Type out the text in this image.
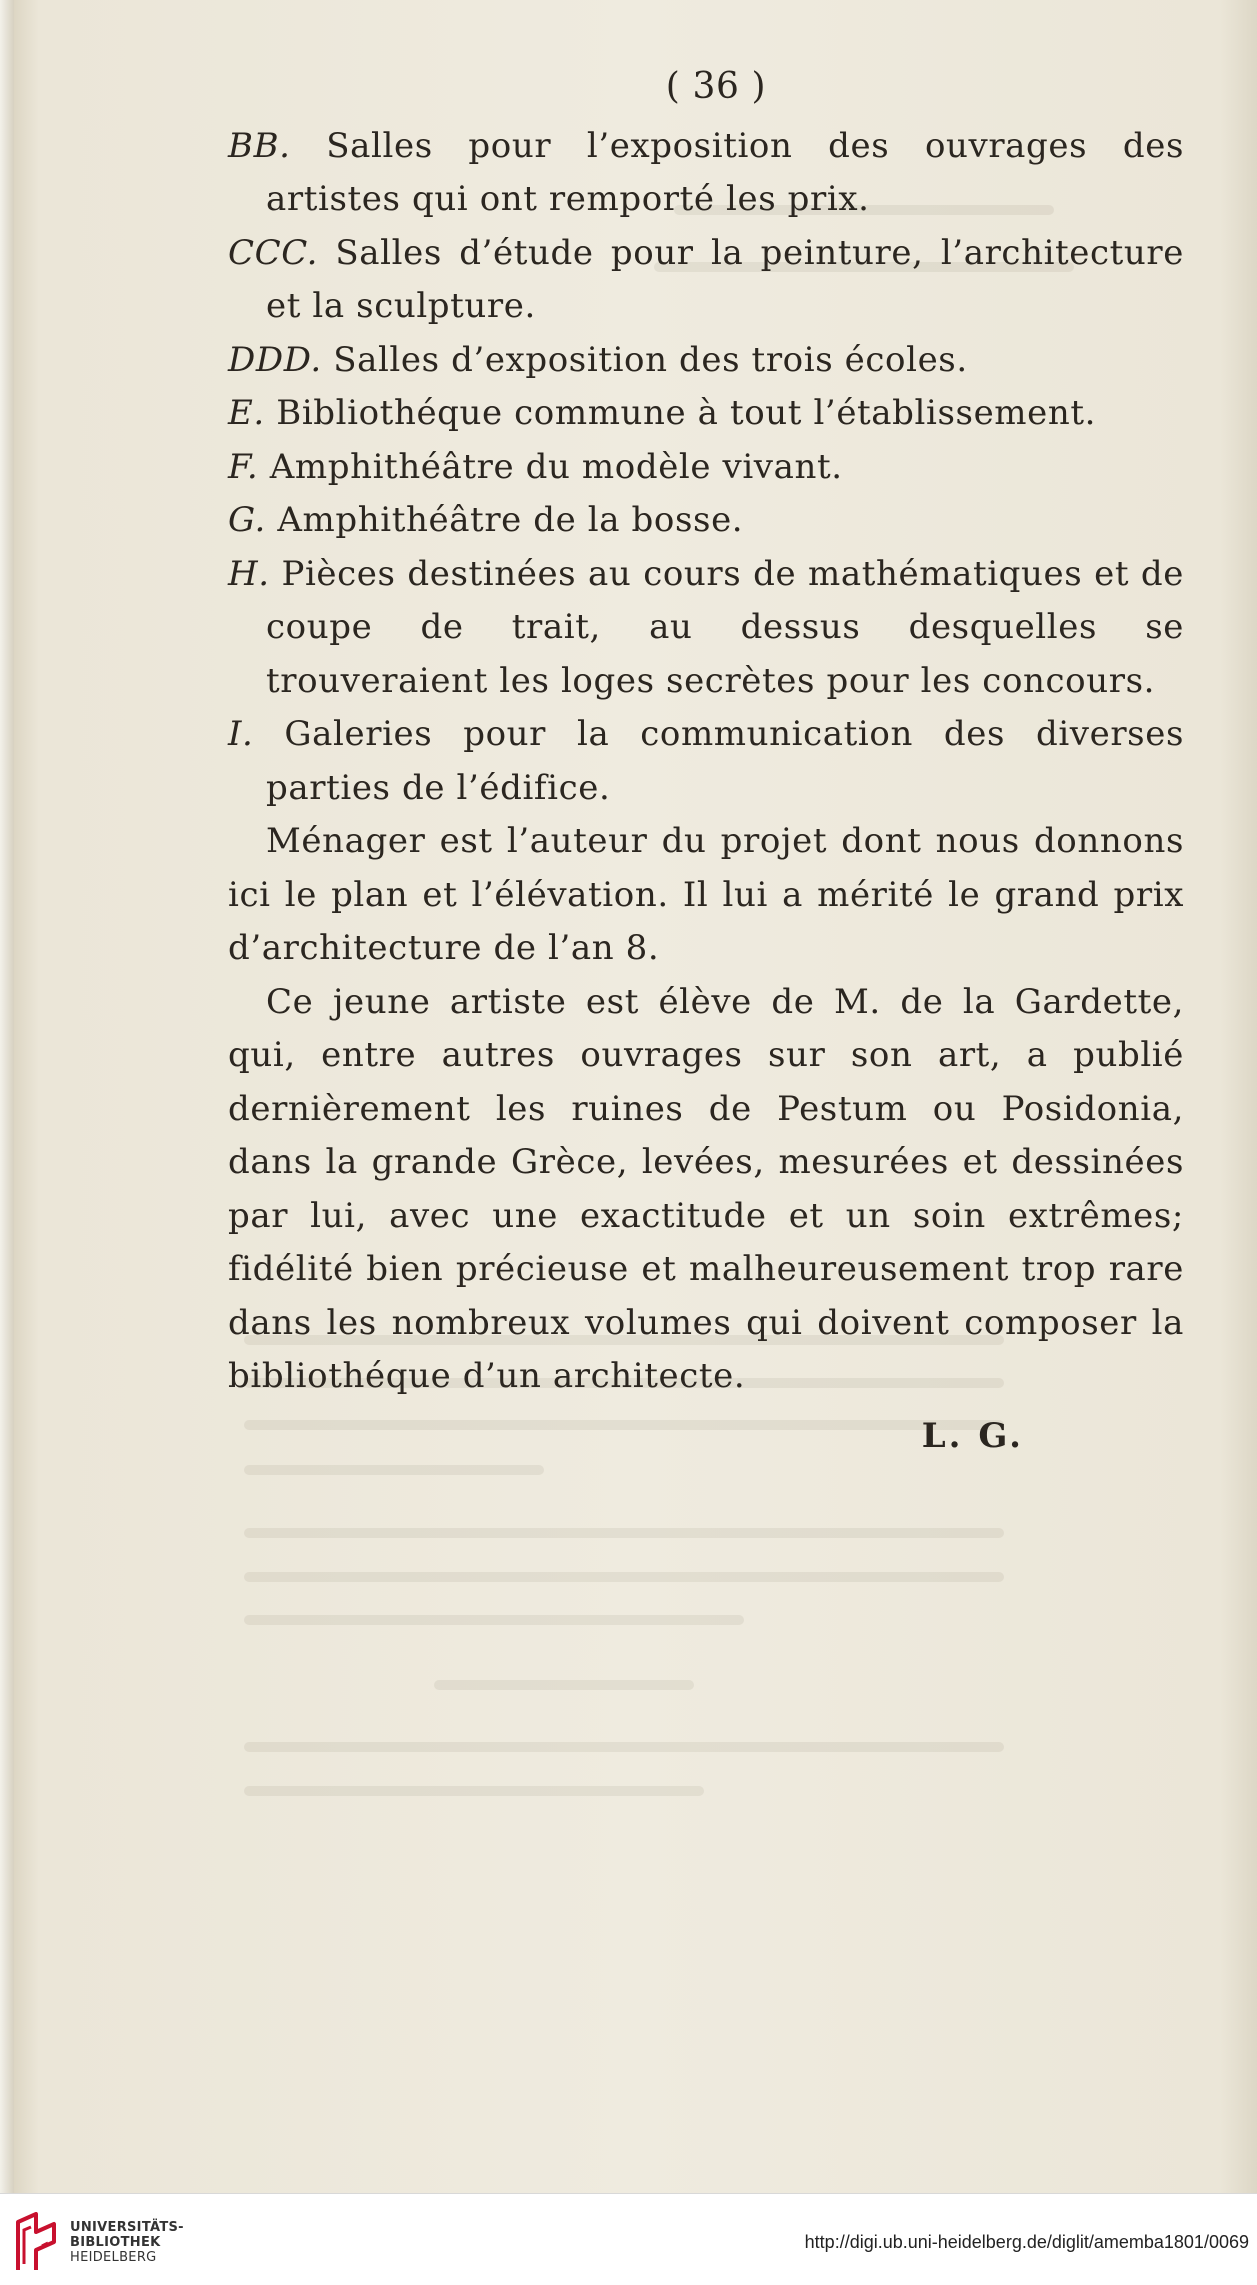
( 36 )
BB. Salles pour l’exposition des ouvrages des artistes qui ont remporté les prix.
CCC. Salles d’étude pour la peinture, l’architecture et la sculpture.
DDD. Salles d’exposition des trois écoles.
E. Bibliothéque commune à tout l’établissement.
F. Amphithéâtre du modèle vivant.
G. Amphithéâtre de la bosse.
H. Pièces destinées au cours de mathématiques et de coupe de trait, au dessus desquelles se trouveraient les loges secrètes pour les concours.
I. Galeries pour la communication des diverses parties de l’édifice.
Ménager est l’auteur du projet dont nous donnons ici le plan et l’élévation. Il lui a mérité le grand prix d’architecture de l’an 8.
Ce jeune artiste est élève de M. de la Gardette, qui, entre autres ouvrages sur son art, a publié dernièrement les ruines de Pestum ou Posidonia, dans la grande Grèce, levées, mesurées et dessinées par lui, avec une exactitude et un soin extrêmes; fidélité bien précieuse et malheureusement trop rare dans les nombreux volumes qui doivent composer la bibliothéque d’un architecte.
L. G.
UNIVERSITÄTS-
BIBLIOTHEK
HEIDELBERG
http://digi.ub.uni-heidelberg.de/diglit/amemba1801/0069
